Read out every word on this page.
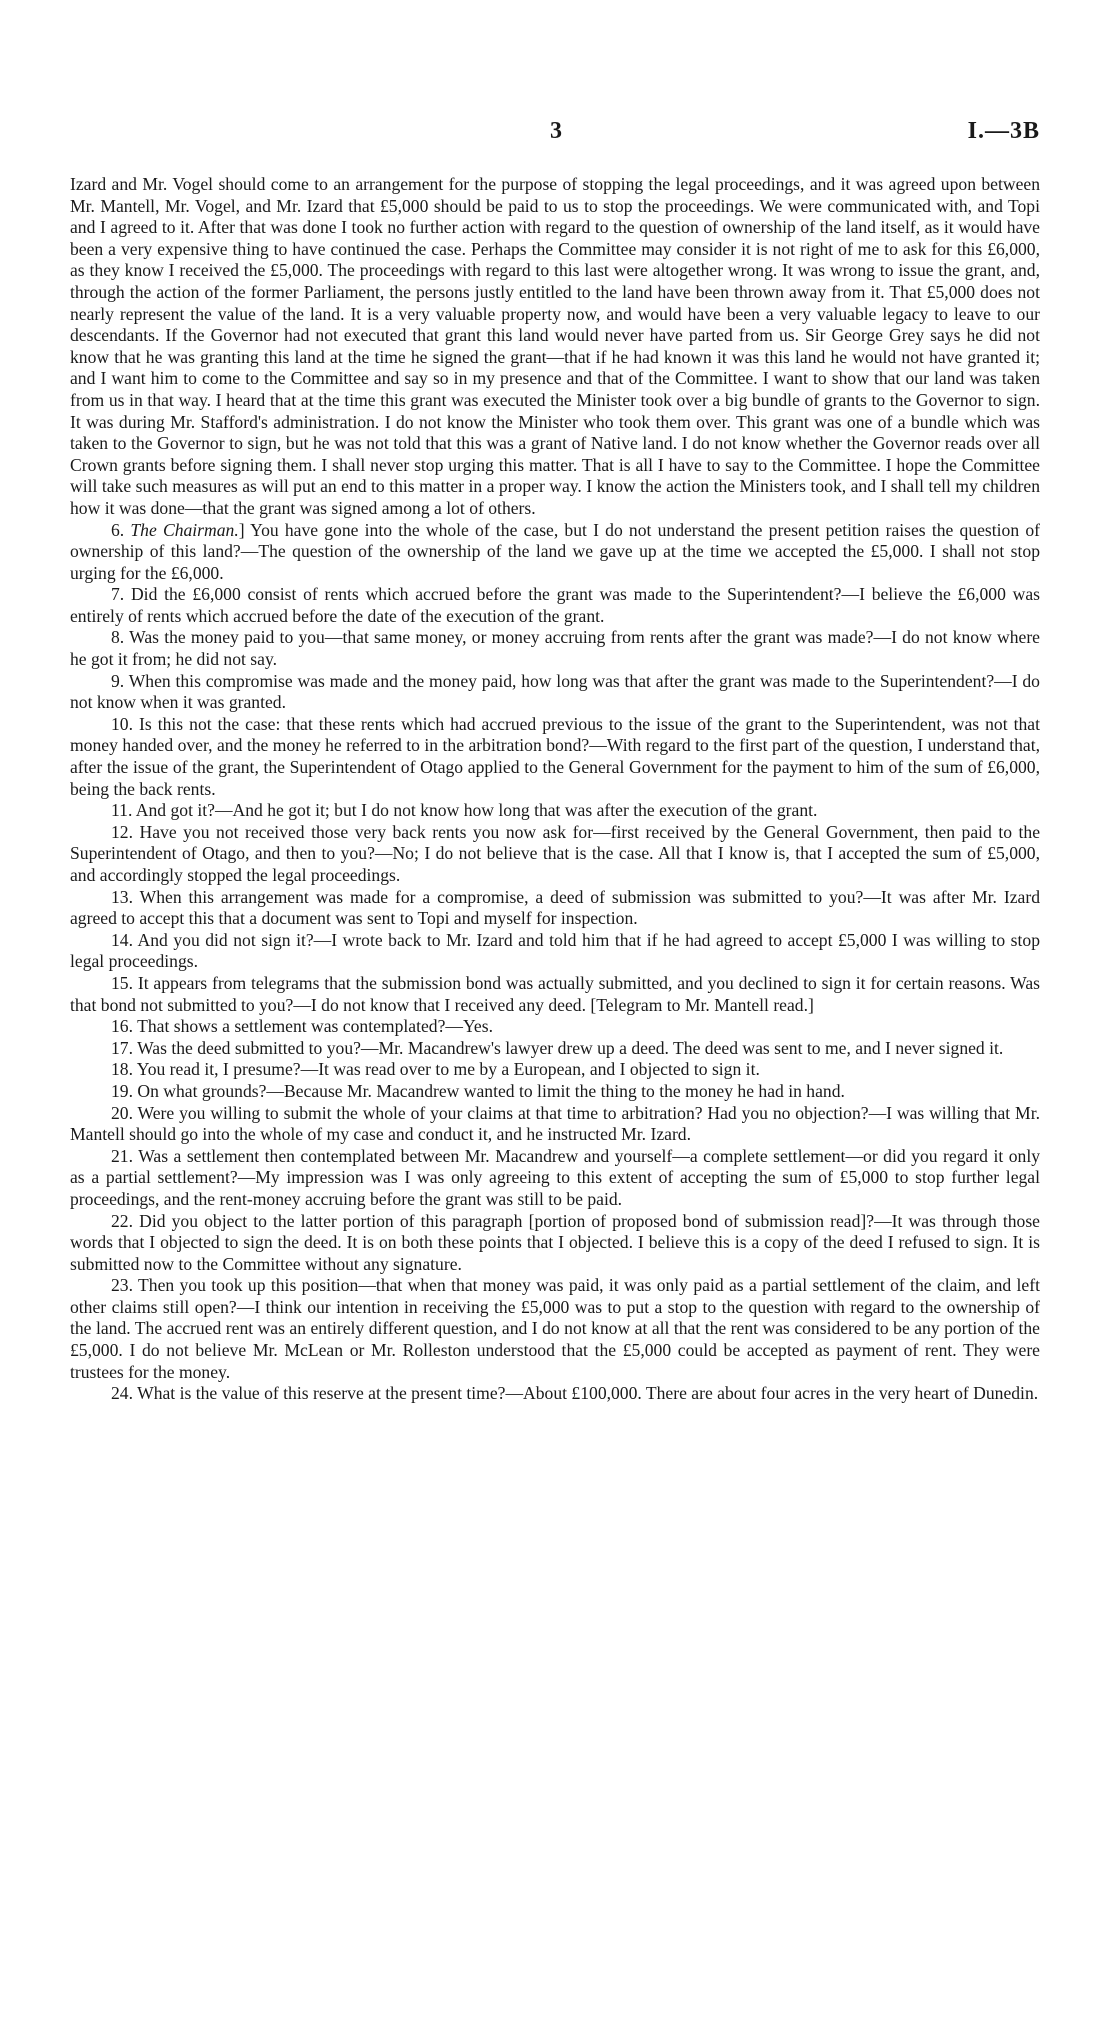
3	I.—3B

Izard and Mr. Vogel should come to an arrangement for the purpose of stopping the legal proceedings, and it was agreed upon between Mr. Mantell, Mr. Vogel, and Mr. Izard that £5,000 should be paid to us to stop the proceedings. We were communicated with, and Topi and I agreed to it. After that was done I took no further action with regard to the question of ownership of the land itself, as it would have been a very expensive thing to have continued the case. Perhaps the Committee may consider it is not right of me to ask for this £6,000, as they know I received the £5,000. The proceedings with regard to this last were altogether wrong. It was wrong to issue the grant, and, through the action of the former Parliament, the persons justly entitled to the land have been thrown away from it. That £5,000 does not nearly represent the value of the land. It is a very valuable property now, and would have been a very valuable legacy to leave to our descendants. If the Governor had not executed that grant this land would never have parted from us. Sir George Grey says he did not know that he was granting this land at the time he signed the grant—that if he had known it was this land he would not have granted it; and I want him to come to the Committee and say so in my presence and that of the Committee. I want to show that our land was taken from us in that way. I heard that at the time this grant was executed the Minister took over a big bundle of grants to the Governor to sign. It was during Mr. Stafford's administration. I do not know the Minister who took them over. This grant was one of a bundle which was taken to the Governor to sign, but he was not told that this was a grant of Native land. I do not know whether the Governor reads over all Crown grants before signing them. I shall never stop urging this matter. That is all I have to say to the Committee. I hope the Committee will take such measures as will put an end to this matter in a proper way. I know the action the Ministers took, and I shall tell my children how it was done—that the grant was signed among a lot of others.

6. The Chairman.] You have gone into the whole of the case, but I do not understand the present petition raises the question of ownership of this land?—The question of the ownership of the land we gave up at the time we accepted the £5,000. I shall not stop urging for the £6,000.

7. Did the £6,000 consist of rents which accrued before the grant was made to the Superintendent?—I believe the £6,000 was entirely of rents which accrued before the date of the execution of the grant.

8. Was the money paid to you—that same money, or money accruing from rents after the grant was made?—I do not know where he got it from; he did not say.

9. When this compromise was made and the money paid, how long was that after the grant was made to the Superintendent?—I do not know when it was granted.

10. Is this not the case: that these rents which had accrued previous to the issue of the grant to the Superintendent, was not that money handed over, and the money he referred to in the arbitration bond?—With regard to the first part of the question, I understand that, after the issue of the grant, the Superintendent of Otago applied to the General Government for the payment to him of the sum of £6,000, being the back rents.

11. And got it?—And he got it; but I do not know how long that was after the execution of the grant.

12. Have you not received those very back rents you now ask for—first received by the General Government, then paid to the Superintendent of Otago, and then to you?—No; I do not believe that is the case. All that I know is, that I accepted the sum of £5,000, and accordingly stopped the legal proceedings.

13. When this arrangement was made for a compromise, a deed of submission was submitted to you?—It was after Mr. Izard agreed to accept this that a document was sent to Topi and myself for inspection.

14. And you did not sign it?—I wrote back to Mr. Izard and told him that if he had agreed to accept £5,000 I was willing to stop legal proceedings.

15. It appears from telegrams that the submission bond was actually submitted, and you declined to sign it for certain reasons. Was that bond not submitted to you?—I do not know that I received any deed. [Telegram to Mr. Mantell read.]

16. That shows a settlement was contemplated?—Yes.

17. Was the deed submitted to you?—Mr. Macandrew's lawyer drew up a deed. The deed was sent to me, and I never signed it.

18. You read it, I presume?—It was read over to me by a European, and I objected to sign it.

19. On what grounds?—Because Mr. Macandrew wanted to limit the thing to the money he had in hand.

20. Were you willing to submit the whole of your claims at that time to arbitration? Had you no objection?—I was willing that Mr. Mantell should go into the whole of my case and conduct it, and he instructed Mr. Izard.

21. Was a settlement then contemplated between Mr. Macandrew and yourself—a complete settlement—or did you regard it only as a partial settlement?—My impression was I was only agreeing to this extent of accepting the sum of £5,000 to stop further legal proceedings, and the rent-money accruing before the grant was still to be paid.

22. Did you object to the latter portion of this paragraph [portion of proposed bond of submission read]?—It was through those words that I objected to sign the deed. It is on both these points that I objected. I believe this is a copy of the deed I refused to sign. It is submitted now to the Committee without any signature.

23. Then you took up this position—that when that money was paid, it was only paid as a partial settlement of the claim, and left other claims still open?—I think our intention in receiving the £5,000 was to put a stop to the question with regard to the ownership of the land. The accrued rent was an entirely different question, and I do not know at all that the rent was considered to be any portion of the £5,000. I do not believe Mr. McLean or Mr. Rolleston understood that the £5,000 could be accepted as payment of rent. They were trustees for the money.

24. What is the value of this reserve at the present time?—About £100,000. There are about four acres in the very heart of Dunedin.
